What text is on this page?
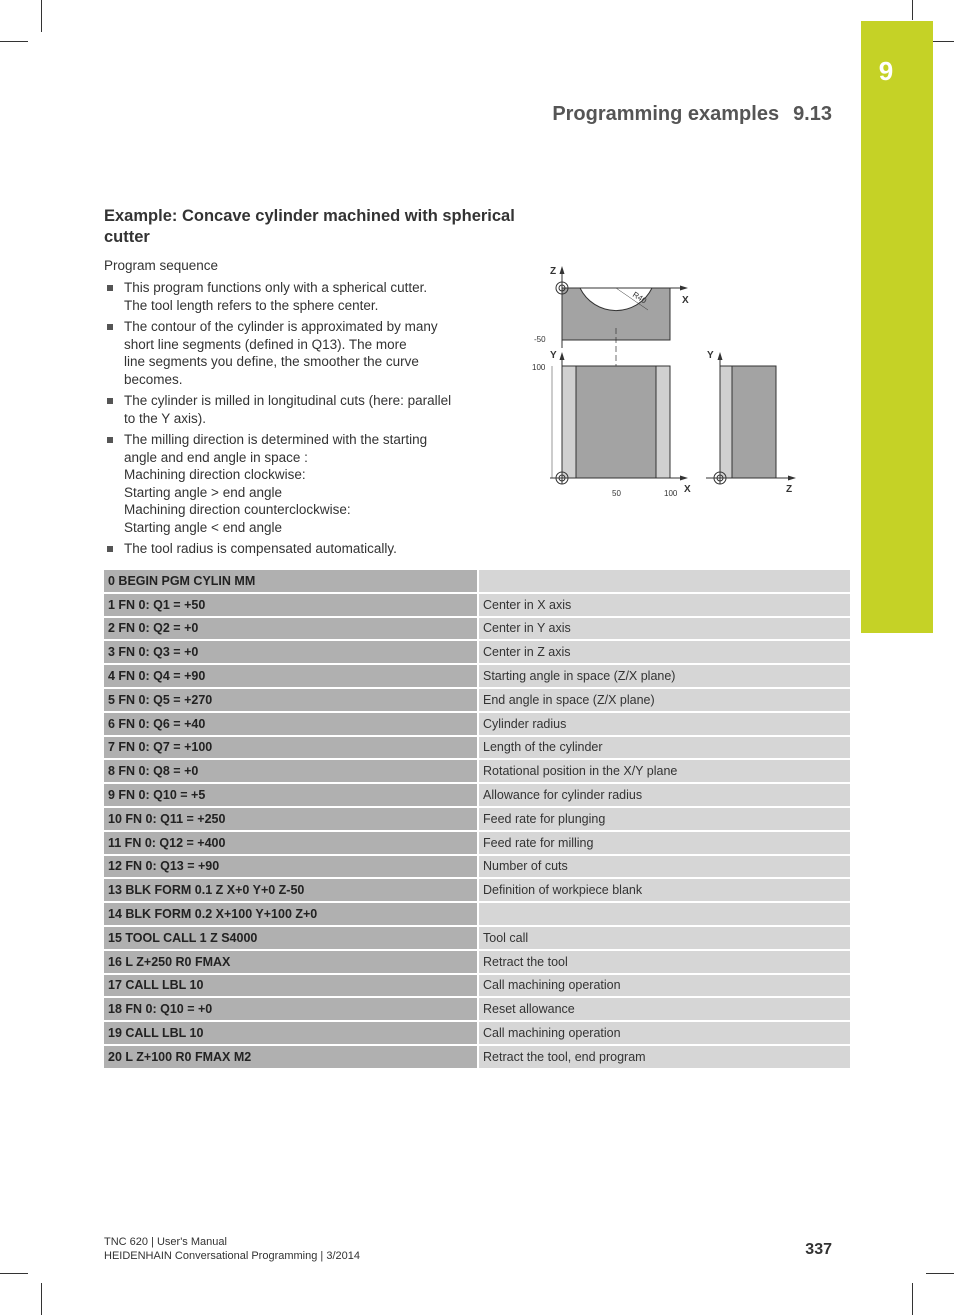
9
Programming examples 9.13
Example: Concave cylinder machined with spherical cutter
Program sequence
This program functions only with a spherical cutter.
The tool length refers to the sphere center.
The contour of the cylinder is approximated by many
short line segments (defined in Q13). The more
line segments you define, the smoother the curve
becomes.
The cylinder is milled in longitudinal cuts (here: parallel
to the Y axis).
The milling direction is determined with the starting
angle and end angle in space :
Machining direction clockwise:
Starting angle > end angle
Machining direction counterclockwise:
Starting angle < end angle
The tool radius is compensated automatically.
Z
X
R40
-50
Y
X
100
50	100
Y
Z
0 BEGIN PGM CYLIN MM	
1 FN 0: Q1 = +50	Center in X axis
2 FN 0: Q2 = +0	Center in Y axis
3 FN 0: Q3 = +0	Center in Z axis
4 FN 0: Q4 = +90	Starting angle in space (Z/X plane)
5 FN 0: Q5 = +270	End angle in space (Z/X plane)
6 FN 0: Q6 = +40	Cylinder radius
7 FN 0: Q7 = +100	Length of the cylinder
8 FN 0: Q8 = +0	Rotational position in the X/Y plane
9 FN 0: Q10 = +5	Allowance for cylinder radius
10 FN 0: Q11 = +250	Feed rate for plunging
11 FN 0: Q12 = +400	Feed rate for milling
12 FN 0: Q13 = +90	Number of cuts
13 BLK FORM 0.1 Z X+0 Y+0 Z-50	Definition of workpiece blank
14 BLK FORM 0.2 X+100 Y+100 Z+0	
15 TOOL CALL 1 Z S4000	Tool call
16 L Z+250 R0 FMAX	Retract the tool
17 CALL LBL 10	Call machining operation
18 FN 0: Q10 = +0	Reset allowance
19 CALL LBL 10	Call machining operation
20 L Z+100 R0 FMAX M2	Retract the tool, end program
TNC 620 | User's Manual
HEIDENHAIN Conversational Programming | 3/2014	337
